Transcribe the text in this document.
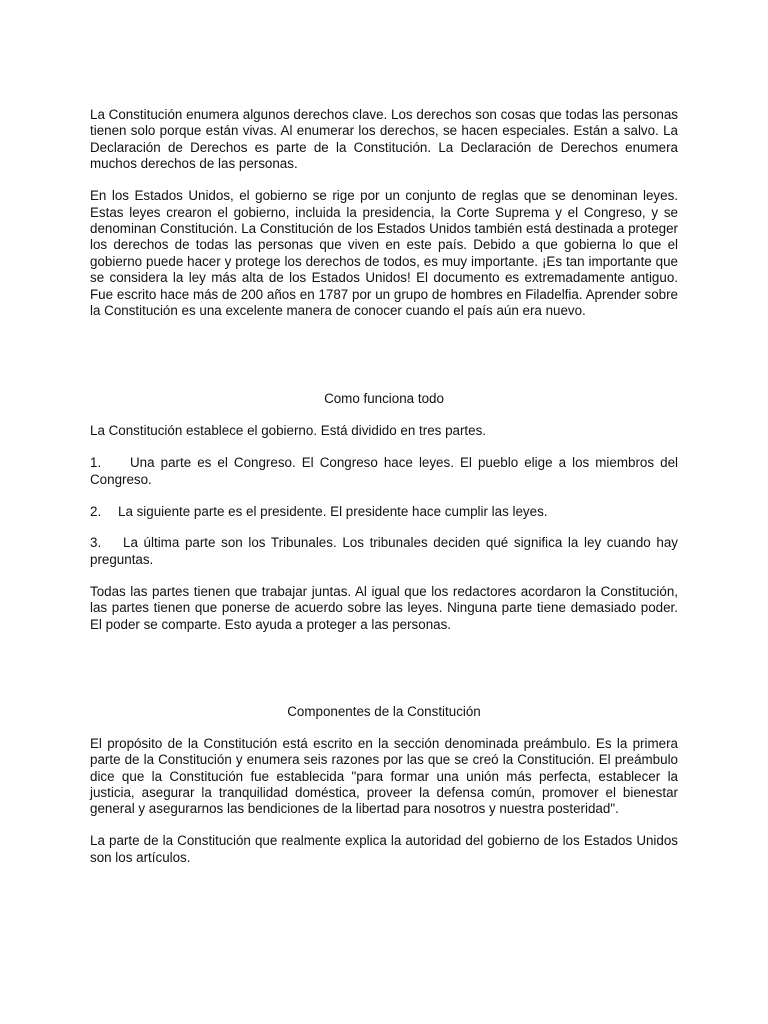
La Constitución enumera algunos derechos clave. Los derechos son cosas que todas las personas tienen solo porque están vivas. Al enumerar los derechos, se hacen especiales. Están a salvo. La Declaración de Derechos es parte de la Constitución. La Declaración de Derechos enumera muchos derechos de las personas.

En los Estados Unidos, el gobierno se rige por un conjunto de reglas que se denominan leyes. Estas leyes crearon el gobierno, incluida la presidencia, la Corte Suprema y el Congreso, y se denominan Constitución. La Constitución de los Estados Unidos también está destinada a proteger los derechos de todas las personas que viven en este país. Debido a que gobierna lo que el gobierno puede hacer y protege los derechos de todos, es muy importante. ¡Es tan importante que se considera la ley más alta de los Estados Unidos! El documento es extremadamente antiguo. Fue escrito hace más de 200 años en 1787 por un grupo de hombres en Filadelfia. Aprender sobre la Constitución es una excelente manera de conocer cuando el país aún era nuevo.

Como funciona todo

La Constitución establece el gobierno. Está dividido en tres partes.

1. Una parte es el Congreso. El Congreso hace leyes. El pueblo elige a los miembros del Congreso.

2. La siguiente parte es el presidente. El presidente hace cumplir las leyes.

3. La última parte son los Tribunales. Los tribunales deciden qué significa la ley cuando hay preguntas.

Todas las partes tienen que trabajar juntas. Al igual que los redactores acordaron la Constitución, las partes tienen que ponerse de acuerdo sobre las leyes. Ninguna parte tiene demasiado poder. El poder se comparte. Esto ayuda a proteger a las personas.

Componentes de la Constitución

El propósito de la Constitución está escrito en la sección denominada preámbulo. Es la primera parte de la Constitución y enumera seis razones por las que se creó la Constitución. El preámbulo dice que la Constitución fue establecida "para formar una unión más perfecta, establecer la justicia, asegurar la tranquilidad doméstica, proveer la defensa común, promover el bienestar general y asegurarnos las bendiciones de la libertad para nosotros y nuestra posteridad".

La parte de la Constitución que realmente explica la autoridad del gobierno de los Estados Unidos son los artículos.
